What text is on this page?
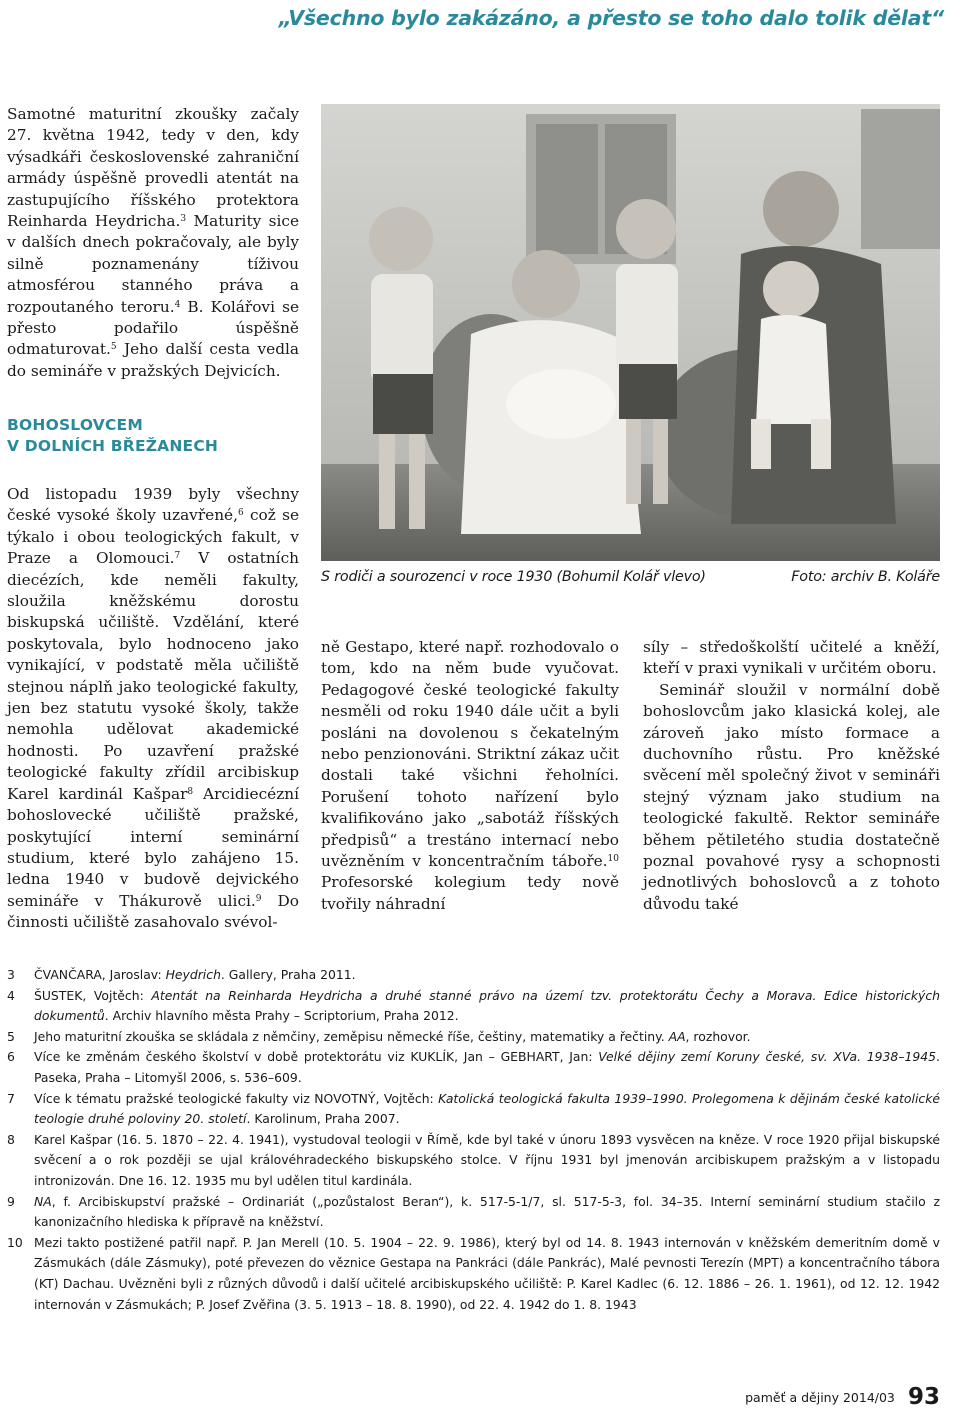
„Všechno bylo zakázáno, a přesto se toho dalo tolik dělat“

Samotné maturitní zkoušky začaly 27. května 1942, tedy v den, kdy výsadkáři československé zahraniční armády úspěšně provedli atentát na zastupujícího říšského protektora Reinharda Heydricha.$^3$ Maturity sice v dalších dnech pokračovaly, ale byly silně poznamenány tíživou atmosférou stanného práva a rozpoutaného teroru.$^4$ B. Kolářovi se přesto podařilo úspěšně odmaturovat.$^5$ Jeho další cesta vedla do semináře v pražských Dejvicích.

BOHOSLOVCEM
V DOLNÍCH BŘEŽANECH

Od listopadu 1939 byly všechny české vysoké školy uzavřené,$^6$ což se týkalo i obou teologických fakult, v Praze a Olomouci.$^7$ V ostatních diecézích, kde neměli fakulty, sloužila kněžskému dorostu biskupská učiliště. Vzdělání, které poskytovala, bylo hodnoceno jako vynikající, v podstatě měla učiliště stejnou náplň jako teologické fakulty, jen bez statutu vysoké školy, takže nemohla udělovat akademické hodnosti. Po uzavření pražské teologické fakulty zřídil arcibiskup Karel kardinál Kašpar$^8$ Arcidiecézní bohoslovecké učiliště pražské, poskytující interní seminární studium, které bylo zahájeno 15. ledna 1940 v budově dejvického semináře v Thákurově ulici.$^9$ Do činnosti učiliště zasahovalo svévol-

S rodiči a sourozenci v roce 1930 (Bohumil Kolář vlevo)	Foto: archiv B. Koláře

ně Gestapo, které např. rozhodovalo o tom, kdo na něm bude vyučovat. Pedagogové české teologické fakulty nesměli od roku 1940 dále učit a byli posláni na dovolenou s čekatelným nebo penzionováni. Striktní zákaz učit dostali také všichni řeholníci. Porušení tohoto nařízení bylo kvalifikováno jako „sabotáž říšských předpisů“ a trestáno internací nebo uvězněním v koncentračním tábořе.$^{10}$ Profesorské kolegium tedy nově tvořily náhradní

síly – středoškolští učitelé a kněží, kteří v praxi vynikali v určitém oboru.

Seminář sloužil v normální době bohoslovcům jako klasická kolej, ale zároveň jako místo formace a duchovního růstu. Pro kněžské svěcení měl společný život v semináři stejný význam jako studium na teologické fakultě. Rektor semináře během pětiletého studia dostatečně poznal povahové rysy a schopnosti jednotlivých bohoslovců a z tohoto důvodu také

3	ČVANČARA, Jaroslav: Heydrich. Gallery, Praha 2011.
4	ŠUSTEK, Vojtěch: Atentát na Reinharda Heydricha a druhé stanné právo na území tzv. protektorátu Čechy a Morava. Edice historických dokumentů. Archiv hlavního města Prahy – Scriptorium, Praha 2012.
5	Jeho maturitní zkouška se skládala z němčiny, zeměpisu německé říše, češtiny, matematiky a řečtiny. AA, rozhovor.
6	Více ke změnám českého školství v době protektorátu viz KUKLÍK, Jan – GEBHART, Jan: Velké dějiny zemí Koruny české, sv. XVa. 1938–1945. Paseka, Praha – Litomyšl 2006, s. 536–609.
7	Více k tématu pražské teologické fakulty viz NOVOTNÝ, Vojtěch: Katolická teologická fakulta 1939–1990. Prolegomena k dějinám české katolické teologie druhé poloviny 20. století. Karolinum, Praha 2007.
8	Karel Kašpar (16. 5. 1870 – 22. 4. 1941), vystudoval teologii v Římě, kde byl také v únoru 1893 vysvěcen na kněze. V roce 1920 přijal biskupské svěcení a o rok později se ujal královéhradeckého biskupského stolce. V říjnu 1931 byl jmenován arcibiskupem pražským a v listopadu intronizován. Dne 16. 12. 1935 mu byl udělen titul kardinála.
9	NA, f. Arcibiskupství pražské – Ordinariát („pozůstalost Beran“), k. 517-5-1/7, sl. 517-5-3, fol. 34–35. Interní seminární studium stačilo z kanonizačního hlediska k přípravě na kněžství.
10 Mezi takto postižené patřil např. P. Jan Merell (10. 5. 1904 – 22. 9. 1986), který byl od 14. 8. 1943 internován v kněžském demeritním domě v Zásmukách (dále Zásmuky), poté převezen do věznice Gestapa na Pankráci (dále Pankrác), Malé pevnosti Terezín (MPT) a koncentračního tábora (KT) Dachau. Uvězněni byli z různých důvodů i další učitelé arcibiskupského učiliště: P. Karel Kadlec (6. 12. 1886 – 26. 1. 1961), od 12. 12. 1942 internován v Zásmukách; P. Josef Zvěřina (3. 5. 1913 – 18. 8. 1990), od 22. 4. 1942 do 1. 8. 1943
paměť a dějiny 2014/03 93
